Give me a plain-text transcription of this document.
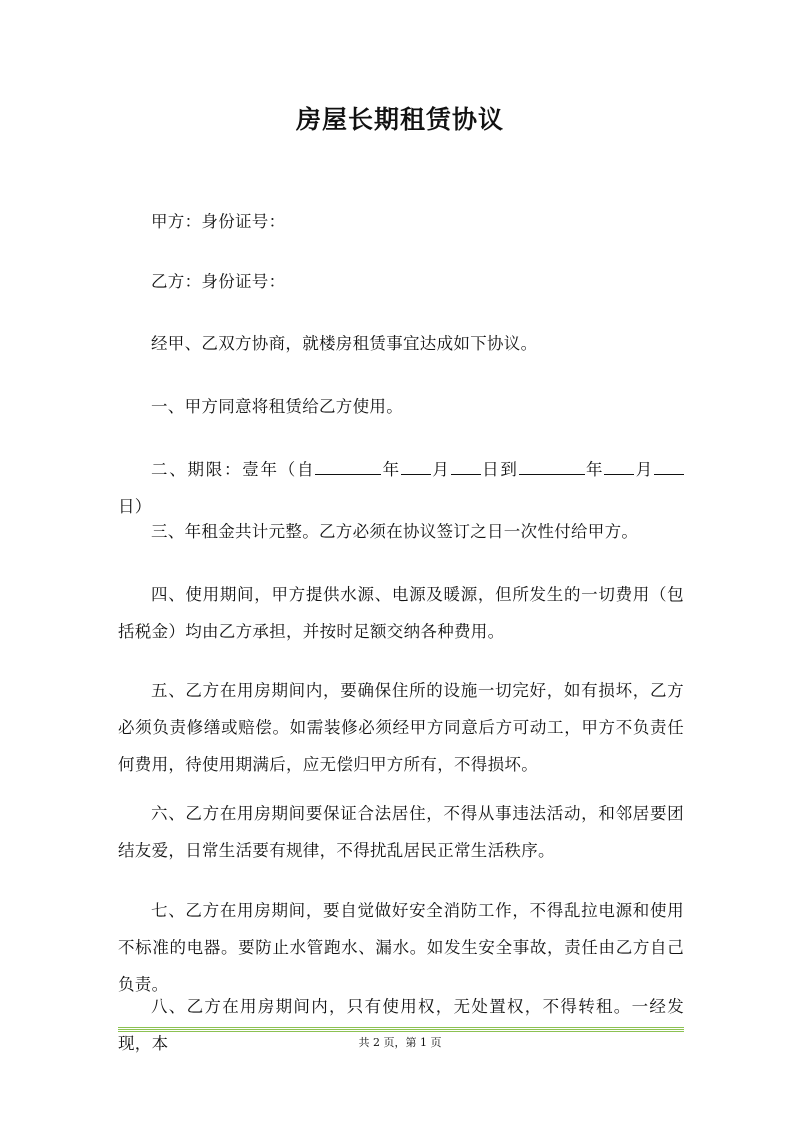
房屋长期租赁协议
甲方：身份证号：
乙方：身份证号：
经甲、乙双方协商，就楼房租赁事宜达成如下协议。
一、甲方同意将租赁给乙方使用。
二、期限：壹年（自	年 月 日到	年 月日）
三、年租金共计元整。乙方必须在协议签订之日一次性付给甲方。
四、使用期间，甲方提供水源、电源及暖源，但所发生的一切费用（包括税金）均由乙方承担，并按时足额交纳各种费用。
五、乙方在用房期间内，要确保住所的设施一切完好，如有损坏，乙方必须负责修缮或赔偿。如需装修必须经甲方同意后方可动工，甲方不负责任何费用，待使用期满后，应无偿归甲方所有，不得损坏。
六、乙方在用房期间要保证合法居住，不得从事违法活动，和邻居要团结友爱，日常生活要有规律，不得扰乱居民正常生活秩序。
七、乙方在用房期间，要自觉做好安全消防工作，不得乱拉电源和使用不标准的电器。要防止水管跑水、漏水。如发生安全事故，责任由乙方自己负责。
八、乙方在用房期间内，只有使用权，无处置权，不得转租。一经发现，本	共 2 页，第 1 页
